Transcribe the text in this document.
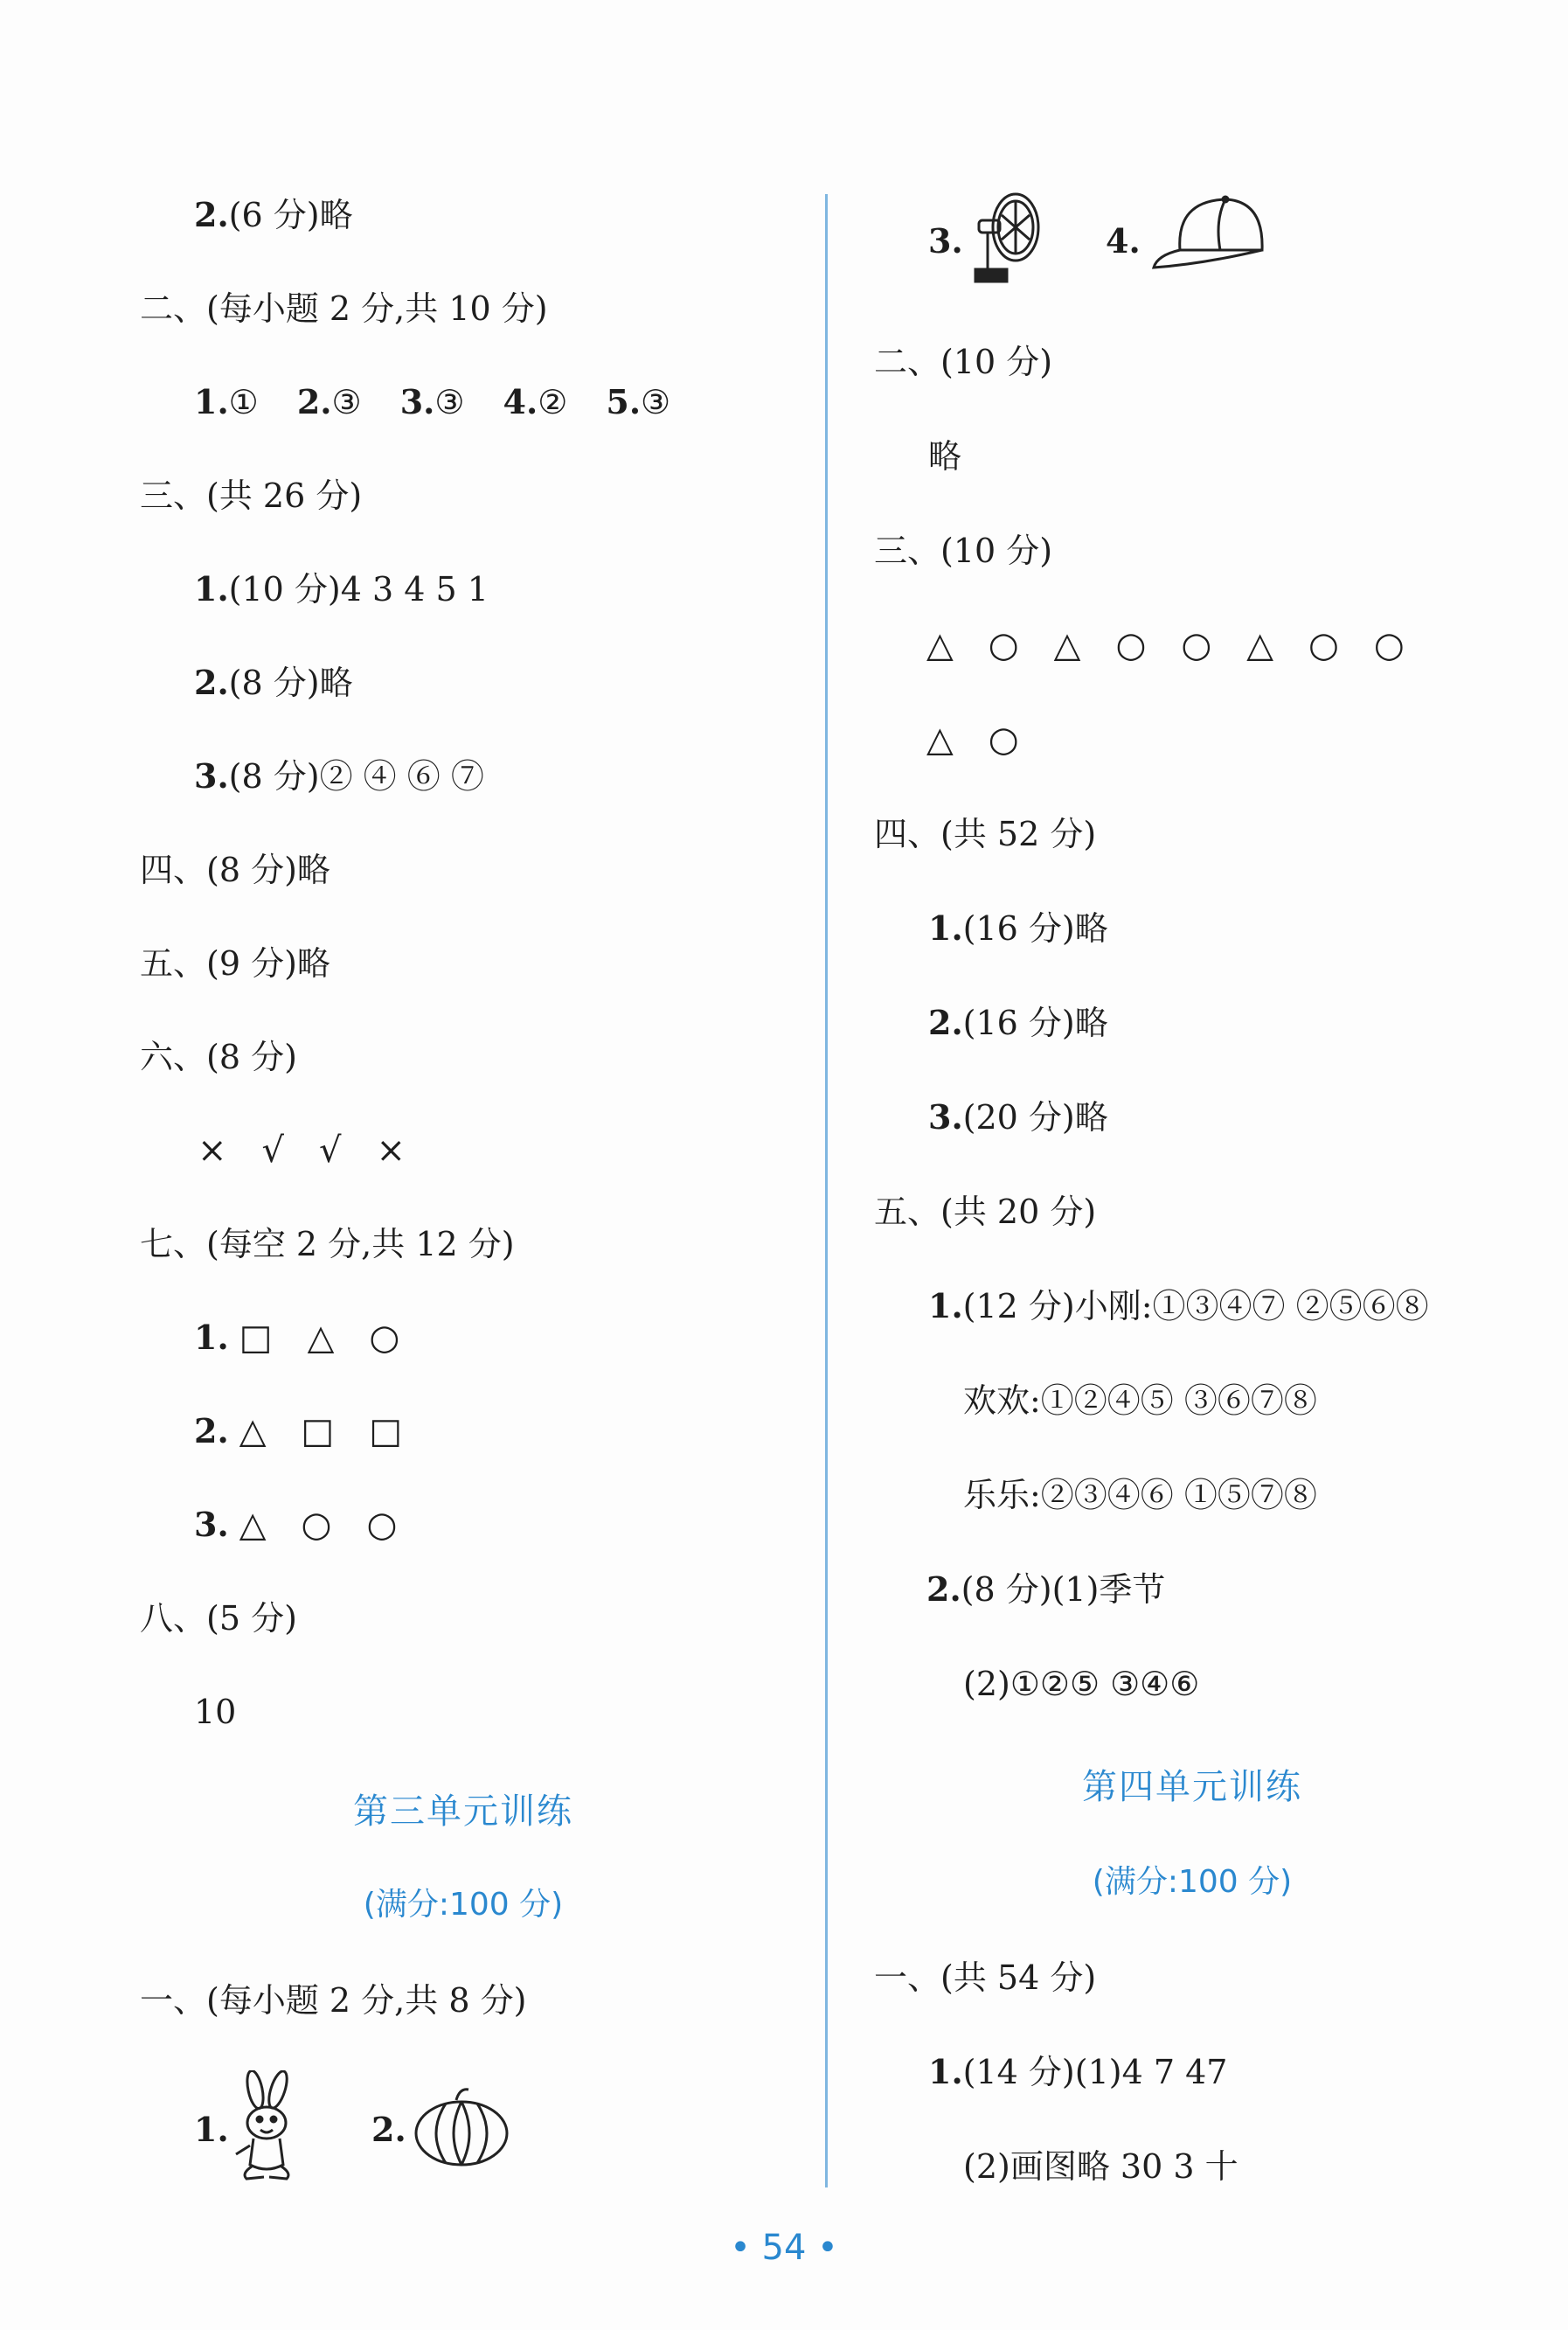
2.(6 分)略
二、(每小题 2 分,共 10 分)
1.① 2.③ 3.③ 4.② 5.③
三、(共 26 分)
1.(10 分)4 3 4 5 1
2.(8 分)略
3.(8 分)② ④ ⑥ ⑦
四、(8 分)略
五、(9 分)略
六、(8 分)
× √ √ ×
七、(每空 2 分,共 12 分)
1. □ △ ○
2. △ □ □
3. △ ○ ○
八、(5 分)
10
第三单元训练
(满分:100 分)
一、(每小题 2 分,共 8 分)
1.	2.
3.	4.
二、(10 分)
略
三、(10 分)
△ ○ △ ○ ○ △ ○ ○
△ ○
四、(共 52 分)
1.(16 分)略
2.(16 分)略
3.(20 分)略
五、(共 20 分)
1.(12 分)小刚:①③④⑦ ②⑤⑥⑧
欢欢:①②④⑤ ③⑥⑦⑧
乐乐:②③④⑥ ①⑤⑦⑧
2.(8 分)(1)季节
(2)①②⑤ ③④⑥
第四单元训练
(满分:100 分)
一、(共 54 分)
1.(14 分)(1)4 7 47
(2)画图略 30 3 十
• 54 •
